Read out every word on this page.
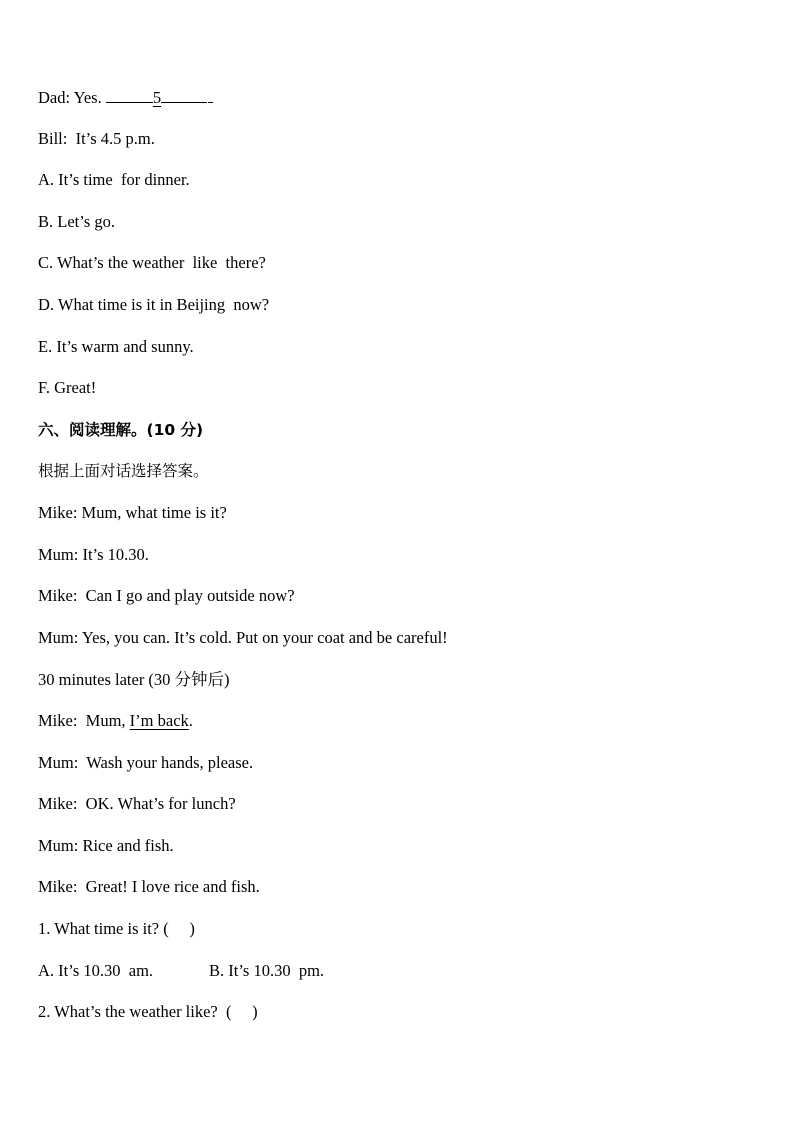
Dad: Yes.	5
Bill:  It’s 4.5 p.m.
A. It’s time  for dinner.
B. Let’s go.
C. What’s the weather  like  there?
D. What time is it in Beijing  now?
E. It’s warm and sunny.
F. Great!
六、阅读理解。(10 分)
根据上面对话选择答案。
Mike: Mum, what time is it?
Mum: It’s 10.30.
Mike:  Can I go and play outside now?
Mum: Yes, you can. It’s cold. Put on your coat and be careful!
30 minutes later (30 分钟后)
Mike:  Mum, I’m back.
Mum:  Wash your hands, please.
Mike:  OK. What’s for lunch?
Mum: Rice and fish.
Mike:  Great! I love rice and fish.
1. What time is it? (     )
A. It’s 10.30  am.	B. It’s 10.30  pm.
2. What’s the weather like?  (     )
